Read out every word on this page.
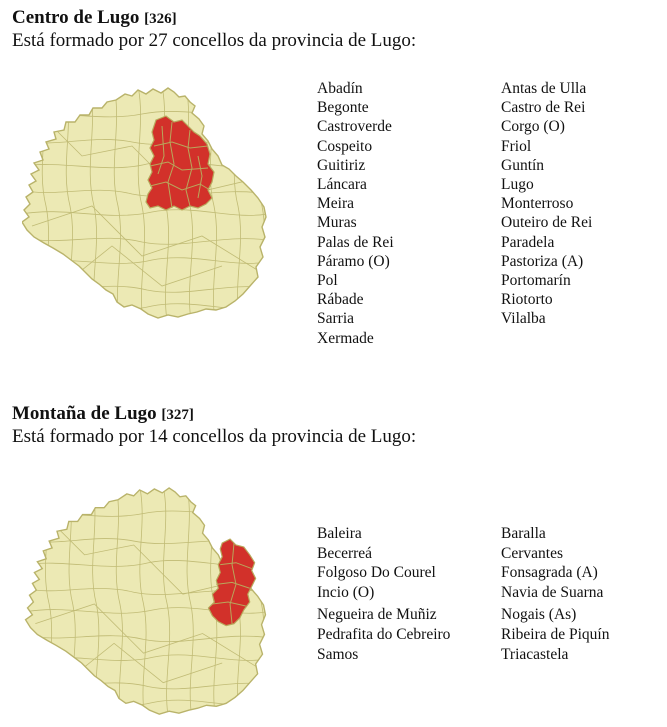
Centro de Lugo [326]
Está formado por 27 concellos da provincia de Lugo:
Abadín
Begonte
Castroverde
Cospeito
Guitiriz
Láncara
Meira
Muras
Palas de Rei
Páramo (O)
Pol
Rábade
Sarria
Xermade
Antas de Ulla
Castro de Rei
Corgo (O)
Friol
Guntín
Lugo
Monterroso
Outeiro de Rei
Paradela
Pastoriza (A)
Portomarín
Riotorto
Vilalba
Montaña de Lugo [327]
Está formado por 14 concellos da provincia de Lugo:
Baleira
Becerreá
Folgoso Do Courel
Incio (O)
Negueira de Muñiz
Pedrafita do Cebreiro
Samos
Baralla
Cervantes
Fonsagrada (A)
Navia de Suarna
Nogais (As)
Ribeira de Piquín
Triacastela
